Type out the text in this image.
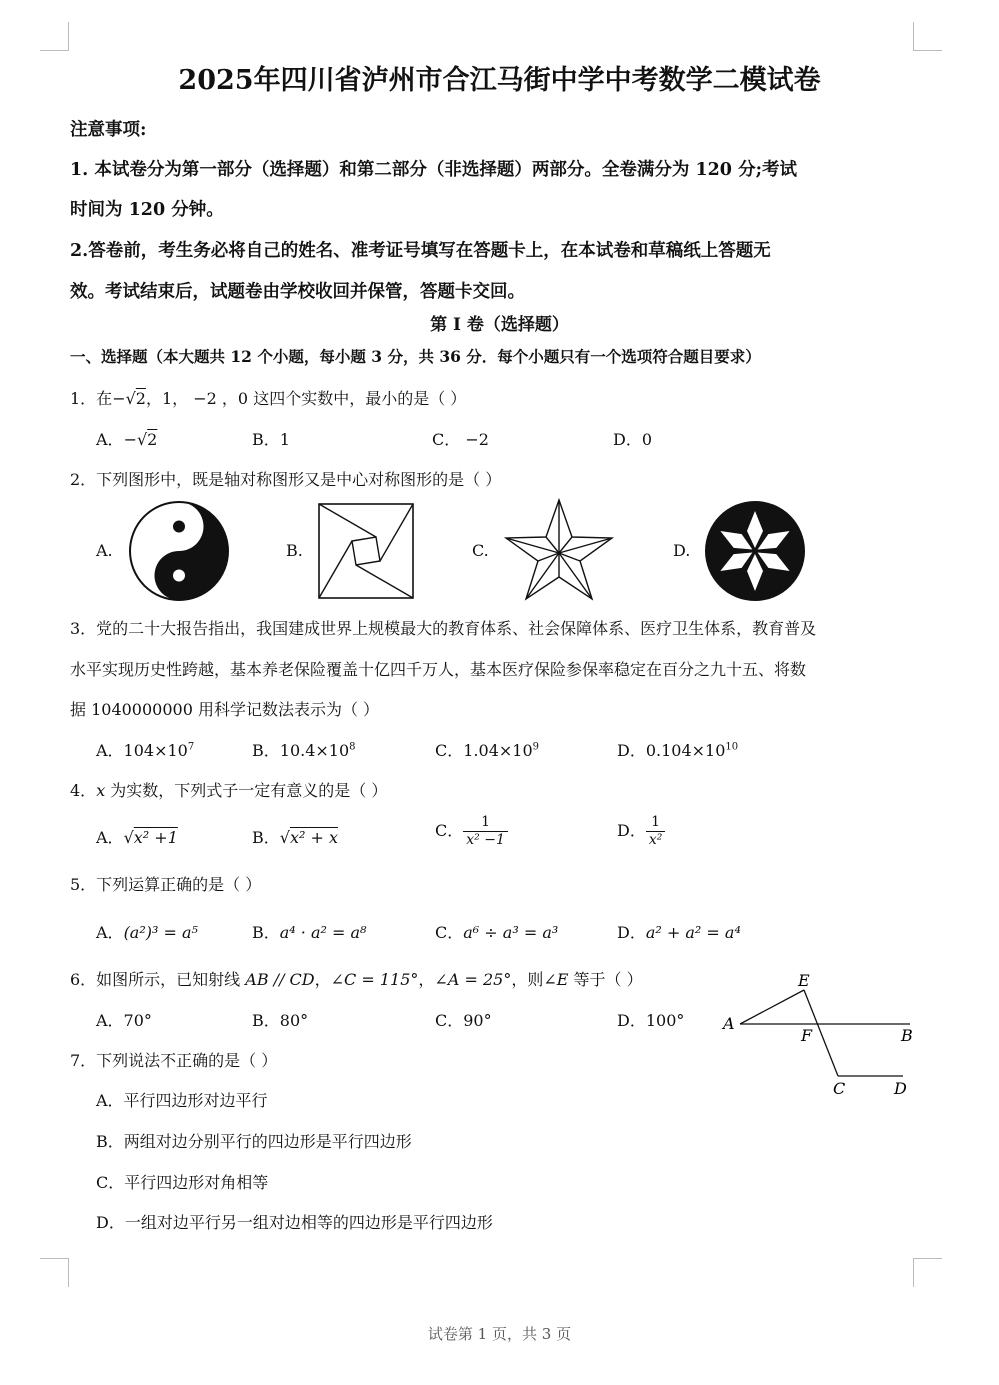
2025年四川省泸州市合江马街中学中考数学二模试卷
注意事项:
1. 本试卷分为第一部分（选择题）和第二部分（非选择题）两部分。全卷满分为 120 分;考试
时间为 120 分钟。
2.答卷前，考生务必将自己的姓名、准考证号填写在答题卡上，在本试卷和草稿纸上答题无
效。考试结束后，试题卷由学校收回并保管，答题卡交回。
第 I 卷（选择题）
一、选择题（本大题共 12 个小题，每小题 3 分，共 36 分．每个小题只有一个选项符合题目要求）
1．在−√2，1， −2 ，0 这四个实数中，最小的是（ ）
A．−√2	B．1	C． −2	D．0
2．下列图形中，既是轴对称图形又是中心对称图形的是（ ）
A.	B.	C.	D.
3．党的二十大报告指出，我国建成世界上规模最大的教育体系、社会保障体系、医疗卫生体系，教育普及
水平实现历史性跨越，基本养老保险覆盖十亿四千万人，基本医疗保险参保率稳定在百分之九十五、将数
据 1040000000 用科学记数法表示为（ ）
A．$104\times 10^7$	B．$10.4\times 10^8$	C．$1.04\times 10^9$	D．$0.104\times 10^{10}$
4．x 为实数，下列式子一定有意义的是（ ）
A．√x² +1	B．√x² + x	C． $\frac{1}{\text{x² −1}}$	D． $\frac{1}{\text{x²}}$
5．下列运算正确的是（ ）
A．(a²)³ = a⁵	B．a⁴ · a² = a⁸	C．a⁶ ÷ a³ = a³	D．a² + a² = a⁴
6．如图所示，已知射线 AB // CD，∠C = 115°，∠A = 25°，则∠E 等于（ ）
A．70°	B．80°	C．90°	D．100°
E
A
F	B
C	D
7．下列说法不正确的是（ ）
A．平行四边形对边平行
B．两组对边分别平行的四边形是平行四边形
C．平行四边形对角相等
D．一组对边平行另一组对边相等的四边形是平行四边形
试卷第 1 页，共 3 页
